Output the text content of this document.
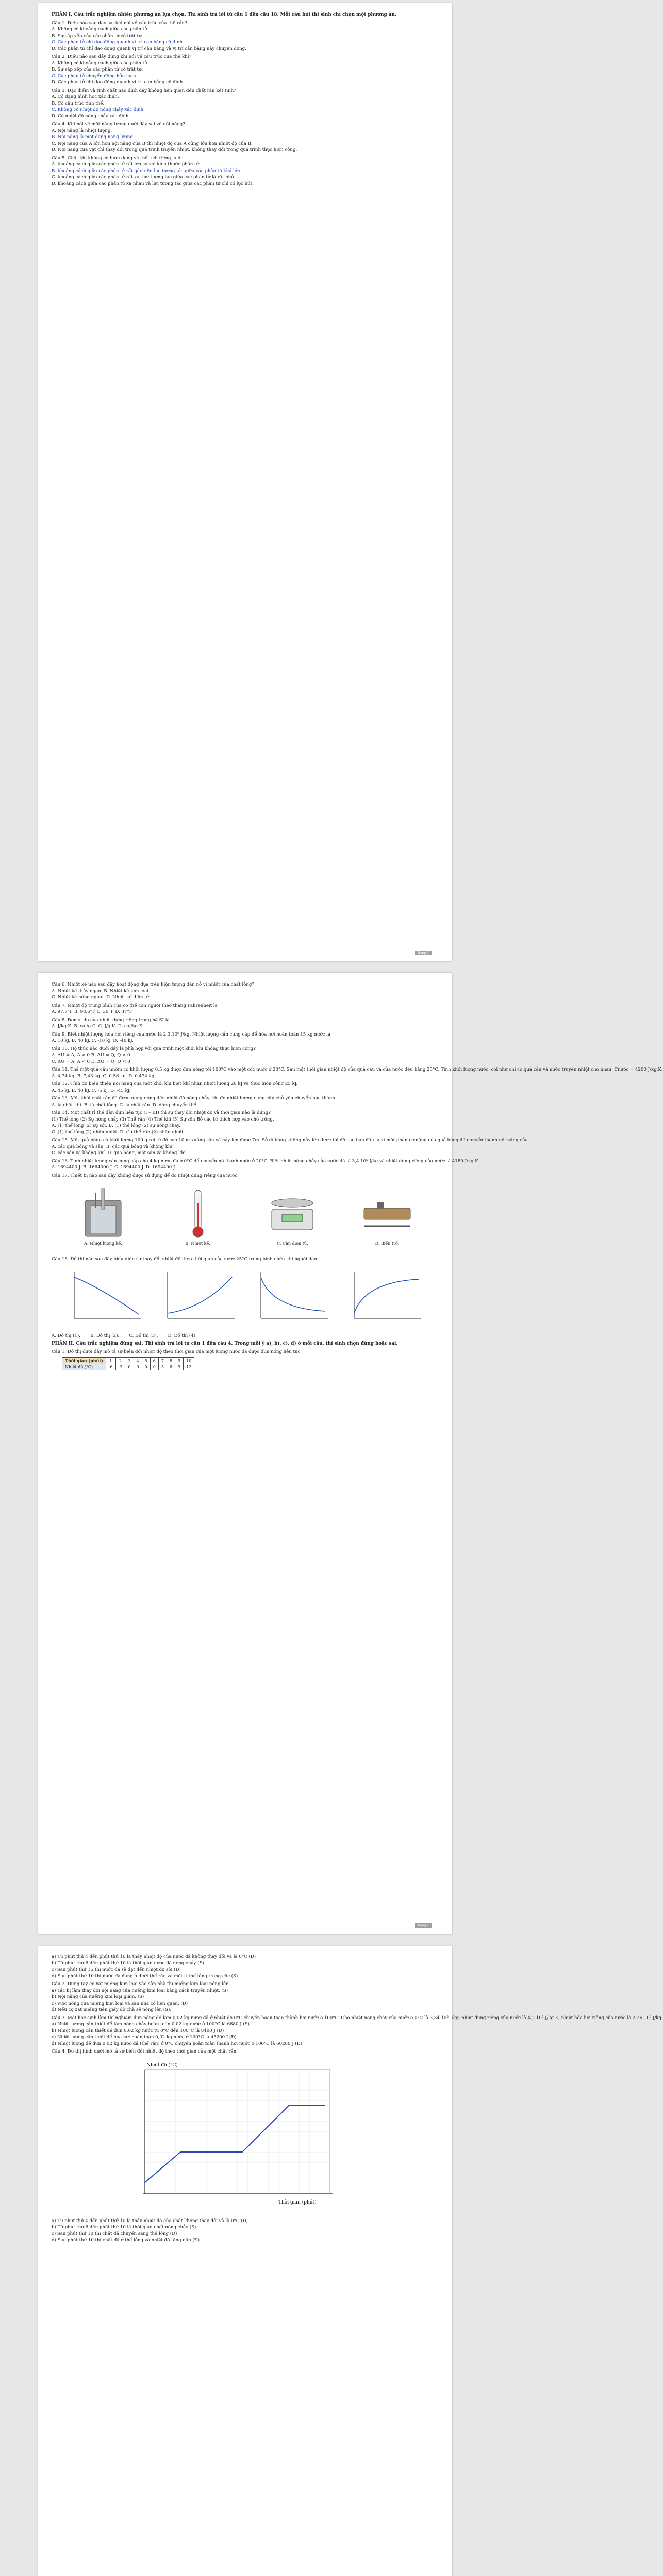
PHẦN I. Câu trắc nghiệm nhiều phương án lựa chọn. Thí sinh trả lời từ câu 1 đến câu 18. Mỗi câu hỏi thí sinh chỉ chọn một phương án.
Câu 1. Điều nào sau đây sai khi nói về cấu trúc của thể rắn?
A. Không có khoảng cách giữa các phân tử.
B. Sự sắp xếp của các phân tử có trật tự.
C. Các phân tử chỉ dao động quanh vị trí cân bằng cố định.
D. Các phân tử chỉ dao động quanh vị trí cân bằng và vị trí cân bằng này chuyển động.
Câu 2. Điều nào sau đây đúng khi nói về cấu trúc của thể khí?
A. Không có khoảng cách giữa các phân tử.
B. Sự sắp xếp của các phân tử có trật tự.
C. Các phân tử chuyển động hỗn loạn.
D. Các phân tử chỉ dao động quanh vị trí cân bằng cố định.
Câu 3. Đặc điểm và tính chất nào dưới đây không liên quan đến chất rắn kết tinh?
A. Có dạng hình học xác định.
B. Có cấu trúc tinh thể.
C. Không có nhiệt độ nóng chảy xác định.
D. Có nhiệt độ nóng chảy xác định.
Câu 4. Khi nói về một năng lượng dưới đây sai về nội năng?
A. Nội năng là nhiệt lượng.
B. Nội năng là một dạng năng lượng.
C. Nội năng của A lớn hơn nội năng của B thì nhiệt độ của A cũng lớn hơn nhiệt độ của B.
D. Nội năng của vật chỉ thay đổi trong quá trình truyền nhiệt, không thay đổi trong quá trình thực hiện công.
Câu 5. Chất khí không có hình dạng và thể tích riêng là do
A. khoảng cách giữa các phân tử rất lớn so với kích thước phân tử.
B. khoảng cách giữa các phân tử rất gần nên lực tương tác giữa các phân tử khá lớn.
C. khoảng cách giữa các phân tử rất xa, lực tương tác giữa các phân tử là rất nhỏ.
D. khoảng cách giữa các phân tử xa nhau và lực tương tác giữa các phân tử chỉ có lực hút.
Trang 1
Câu 6. Nhiệt kế nào sau đây hoạt động dựa trên hiện tượng dãn nở vì nhiệt của chất lỏng?
A. Nhiệt kế thủy ngân. B. Nhiệt kế kim loại.
C. Nhiệt kế hồng ngoại. D. Nhiệt kế điện tử.
Câu 7. Nhiệt độ trung bình của cơ thể con người theo thang Fahrenheit là
A. 97,7°F B. 98,6°F C. 36°F D. 37°F
Câu 8. Đơn vị đo của nhiệt dung riêng trong hệ SI là
A. J/kg.K. B. cal/g.C. C. J/g.K. D. cal/kg.K.
Câu 9. Biết nhiệt lượng hóa hơi riêng của nước là 2,3.10⁶ J/kg. Nhiệt lượng cần cung cấp để hóa hơi hoàn toàn 15 kg nước là
A. 10 kJ. B. 40 kJ. C. -10 kJ. D. -40 kJ.
Câu 10. Hệ thức nào dưới đây là phù hợp với quá trình một khối khí không thực hiện công?
A. ΔU = A; A > 0 B. ΔU = Q; Q > 0
C. ΔU = A; A < 0 D. ΔU = Q; Q < 0
Câu 11. Thả một quả cầu nhôm có khối lượng 0,5 kg được đun nóng tới 100°C vào một cốc nước ở 20°C. Sau một thời gian nhiệt độ của quả cầu và của nước đều bằng 25°C. Tính khối lượng nước, coi như chỉ có quả cầu và nước truyền nhiệt cho nhau. Cnước = 4200 J/kg.K.
A. 4,74 kg. B. 7,43 kg. C. 0,56 kg. D. 0,474 kg.
Câu 12. Tính độ biến thiên nội năng của một khối khí biết khí nhận nhiệt lượng 20 kJ và thực hiện công 25 kJ.
A. 45 kJ. B. 40 kJ. C. -5 kJ. D. -45 kJ.
Câu 13. Một khối chất rắn đã được nung nóng đến nhiệt độ nóng chảy, khi đó nhiệt lượng cung cấp chủ yếu chuyển hóa thành
A. là chất khí. B. là chất lỏng. C. là chất rắn. D. dòng chuyển thể.
Câu 14. Một chất rỉ thể dẫn đun liên tục (I – III) thì sự thay đổi nhiệt độ và thời gian nào là đúng?
(1) Thể lỏng (2) Sự nóng chảy (3) Thể rắn (4) Thể khí (5) Sự sôi; Bỏ các từ thích hợp vào chỗ trống.
A. (1) thể lỏng (2) sự sôi. B. (1) thể lỏng (2) sự nóng chảy.
C. (1) thể lỏng (2) nhận nhiệt. D. (1) thể rắn (2) nhận nhiệt.
Câu 15. Một quả bóng có khối lượng 100 g rơi từ độ cao 10 m xuống sân và nảy lên được 7m. Sở dĩ bóng không nảy lên được tới độ cao ban đầu là vì một phần cơ năng của quả bóng đã chuyển thành nội năng của
A. các quả bóng và sân. B. các quả bóng và không khí.
C. các sân và không khí. D. quả bóng, mặt sân và không khí.
Câu 16. Tính nhiệt lượng cần cung cấp cho 4 kg nước đá ở 0°C để chuyển nó thành nước ở 20°C. Biết nhiệt nóng chảy của nước đá là 3,4.10⁵ J/kg và nhiệt dung riêng của nước là 4180 J/kg.K.
A. 1694400 J. B. 1664000 J. C. 1694400 J. D. 1694400 J.
Câu 17. Thiết bị nào sau đây không được sử dụng để đo nhiệt dung riêng của nước.
A. Nhiệt lượng kế.	B. Nhiệt kế.	C. Cân điện tử.	D. Biến trở.
Câu 18. Đồ thị nào sau đây biểu diễn sự thay đổi nhiệt độ theo thời gian của nước 25°C trong bình chứa khi nguội dần:
A. Đồ thị (1). B. Đồ thị (2). C. Đồ thị (3). D. Đồ thị (4).
PHẦN II. Câu trắc nghiệm đúng sai. Thí sinh trả lời từ câu 1 đến câu 4. Trong mỗi ý a), b), c), d) ở mỗi câu, thí sinh chọn đúng hoặc sai.
Câu 1. Đồ thị dưới đây mô tả sự biến đổi nhiệt độ theo thời gian của một lượng nước đá được đun nóng liên tục
Thời gian (phút)	1	2	3	4	5	6	7	8	9	10
Nhiệt độ (°C)	-6	-3	0	0	0	0	3	6	9	12
Trang 2
a) Từ phút thứ 4 đến phút thứ 10 là thấy nhiệt độ của nước đá không thay đổi và là 0°C (Đ)
b) Từ phút thứ 6 đến phút thứ 10 là thời gian nước đá nóng chảy (S)
c) Sau phút thứ 15 thì nước đá sẽ đạt đến nhiệt độ sôi (Đ)
d) Sau phút thứ 10 thì nước đá đang ở dưới thể rắn và một ít thể lỏng trong cốc (S).
Câu 2. Dùng tay cọ xát miếng kim loại vào sàn nhà thì miếng kim loại nóng lên.
a) Tác bị làm thay đổi nội năng của miếng kim loại bằng cách truyền nhiệt. (S)
b) Nội năng của miếng kim loại giảm. (S)
c) Việc nóng của miếng kim loại và sàn nhà có liên quan. (Đ)
d) Nếu cọ xát miếng tiền giấy đỡ chà sẽ nóng lên (S).
Câu 3. Một học sinh làm thí nghiệm đun nóng để làm 0,02 kg nước đá ở nhiệt độ 0°C chuyển hoàn toàn thành hơi nước ở 100°C. Cho nhiệt nóng chảy của nước ở 0°C là 3,34.10⁵ J/kg; nhiệt dung riêng của nước là 4,2.10³ J/kg.K; nhiệt hóa hơi riêng của nước là 2,26.10⁶ J/kg.
a) Nhiệt lượng cần thiết để làm nóng chảy hoàn toàn 0,02 kg nước ở 100°C là 6680 J (S)
b) Nhiệt lượng cần thiết để đun 0,02 kg nước từ 0°C đến 100°C là 8400 J (Đ)
c) Nhiệt lượng cần thiết để hóa hơi hoàn toàn 0,02 kg nước ở 100°C là 45200 J (Đ)
d) Nhiệt lượng để đun 0,02 kg nước đá (thể rắn) ở 0°C chuyển hoàn toàn thành hơi nước ở 100°C là 60280 J (Đ)
Câu 4. Đồ thị hình dưới mô tả sự biến đổi nhiệt độ theo thời gian của một chất rắn.
Nhiệt độ (°C)
Thời gian (phút)
a) Từ phút thứ 4 đến phút thứ 10 là thấy nhiệt độ của chất không thay đổi và là 0°C (Đ)
b) Từ phút thứ 6 đến phút thứ 10 là thời gian chất nóng chảy (S)
c) Sau phút thứ 10 thì chất đã chuyển sang thể lỏng (Đ)
d) Sau phút thứ 10 thì chất đã ở thể lỏng và nhiệt độ tăng dần (Đ).
